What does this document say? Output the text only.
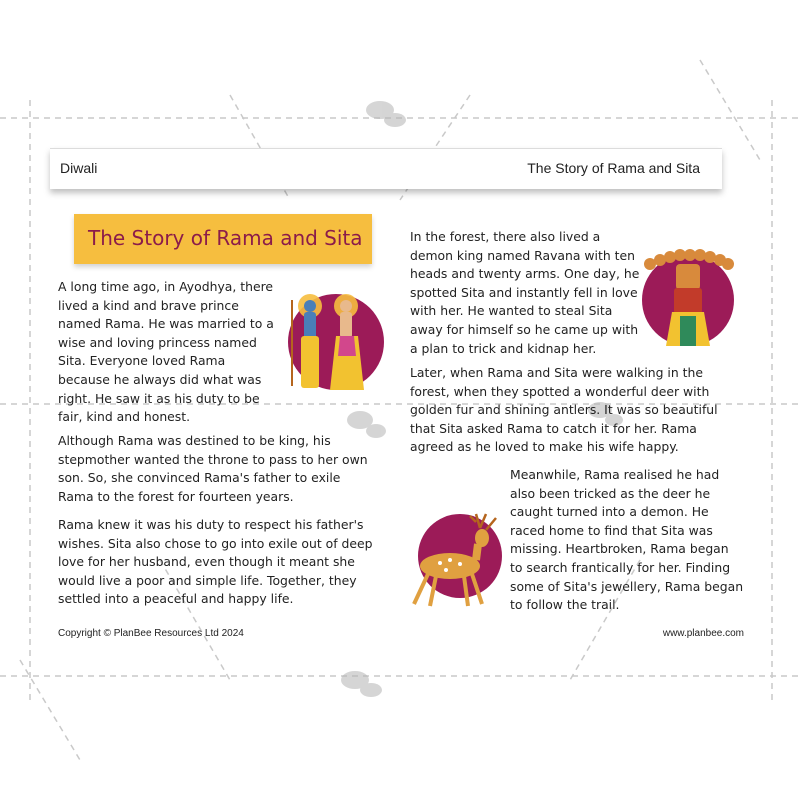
Diwali	The Story of Rama and Sita
The Story of Rama and Sita

A long time ago, in Ayodhya, there lived a kind and brave prince named Rama. He was married to a wise and loving princess named Sita. Everyone loved Rama because he always did what was right. He saw it as his duty to be fair, kind and honest.

Although Rama was destined to be king, his stepmother wanted the throne to pass to her own son. So, she convinced Rama's father to exile Rama to the forest for fourteen years.

Rama knew it was his duty to respect his father's wishes. Sita also chose to go into exile out of deep love for her husband, even though it meant she would live a poor and simple life. Together, they settled into a peaceful and happy life.

In the forest, there also lived a demon king named Ravana with ten heads and twenty arms. One day, he spotted Sita and instantly fell in love with her. He wanted to steal Sita away for himself so he came up with a plan to trick and kidnap her.

Later, when Rama and Sita were walking in the forest, when they spotted a wonderful deer with golden fur and shining antlers. It was so beautiful that Sita asked Rama to catch it for her. Rama agreed as he loved to make his wife happy.

Meanwhile, Rama realised he had also been tricked as the deer he caught turned into a demon. He raced home to find that Sita was missing. Heartbroken, Rama began to search frantically for her. Finding some of Sita's jewellery, Rama began to follow the trail.

Copyright © PlanBee Resources Ltd 2024	www.planbee.com
